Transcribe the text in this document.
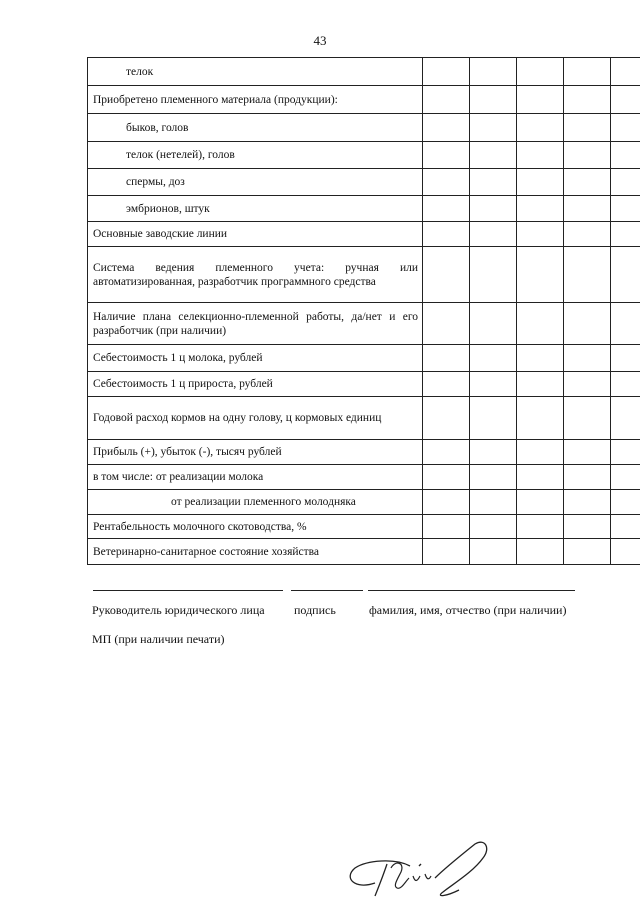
43
телок					
Приобретено племенного материала (продукции):					
быков, голов					
телок (нетелей), голов					
спермы, доз					
эмбрионов, штук					
Основные заводские линии					
Система ведения племенного учета: ручная или автоматизированная, разработчик программного средства					
Наличие плана селекционно-племенной работы, да/нет и его разработчик (при наличии)					
Себестоимость 1 ц молока, рублей					
Себестоимость 1 ц прироста, рублей					
Годовой расход кормов на одну голову, ц кормовых единиц					
Прибыль (+), убыток (-), тысяч рублей					
в том числе: от реализации молока					
от реализации племенного молодняка					
Рентабельность молочного скотоводства, %					
Ветеринарно-санитарное состояние хозяйства					
Руководитель юридического лица подпись	фамилия, имя, отчество (при наличии)
МП (при наличии печати)
